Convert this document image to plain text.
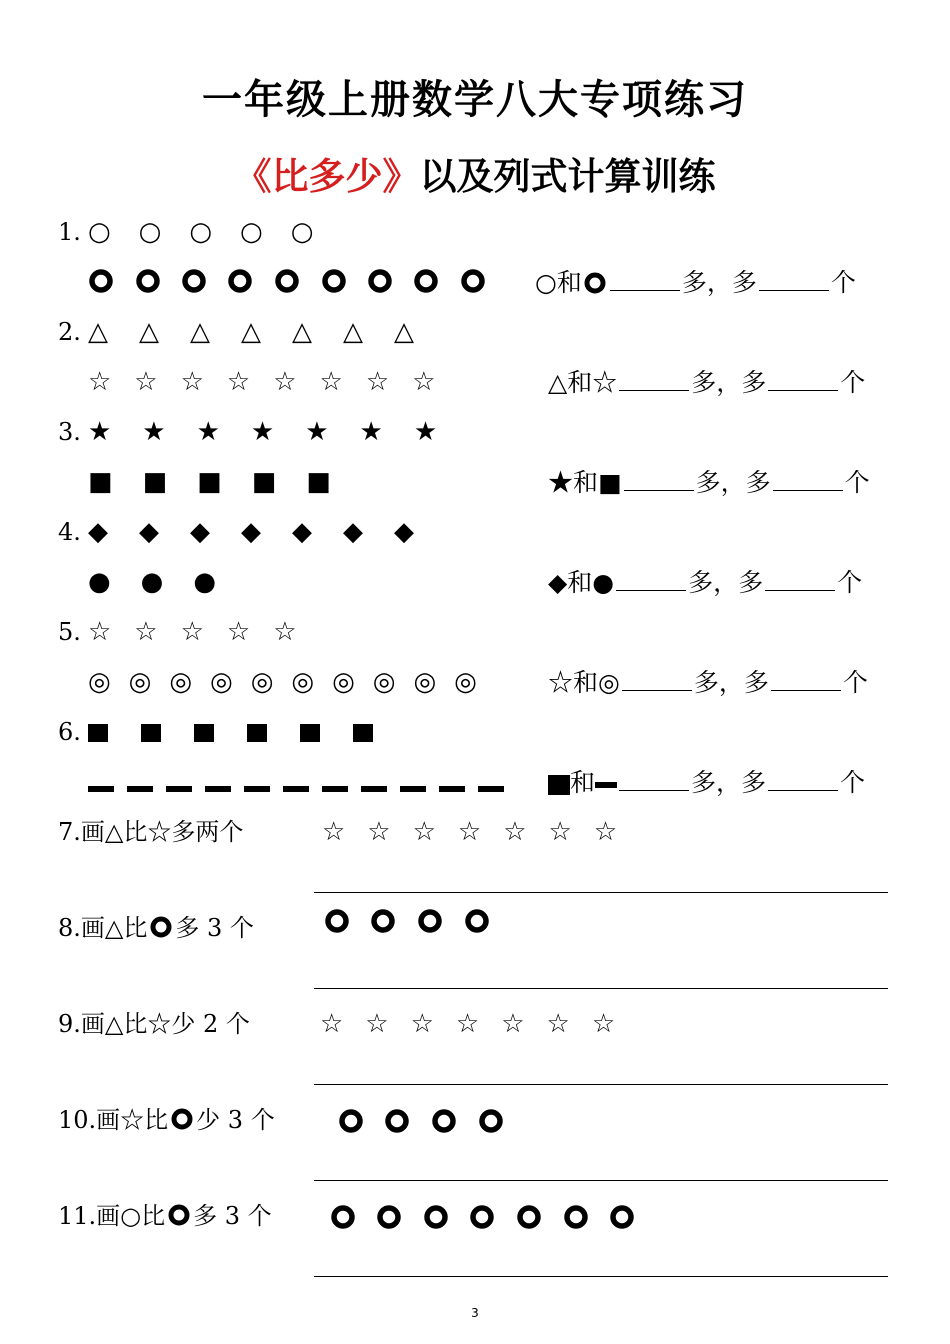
一年级上册数学八大专项练习
《比多少》以及列式计算训练
1. ○○○○○
○和	多，多	个
2. △△△△△△△
☆☆☆☆☆☆☆☆	△和☆	多，多	个
3. ★★★★★★★
■■■■■	★和■	多，多	个
4. ◆◆◆◆◆◆◆
●●●	◆和●	多，多	个
5. ☆☆☆☆☆
◎◎◎◎◎◎◎◎◎◎ ☆和◎	多，多	个
6.
和	多，多	个
7.画△比☆多两个	☆☆☆☆☆☆☆
8.画△比 多 3 个
9.画△比☆少 2 个	☆☆☆☆☆☆☆
10.画☆比 少 3 个
11.画○比 多 3 个
3
